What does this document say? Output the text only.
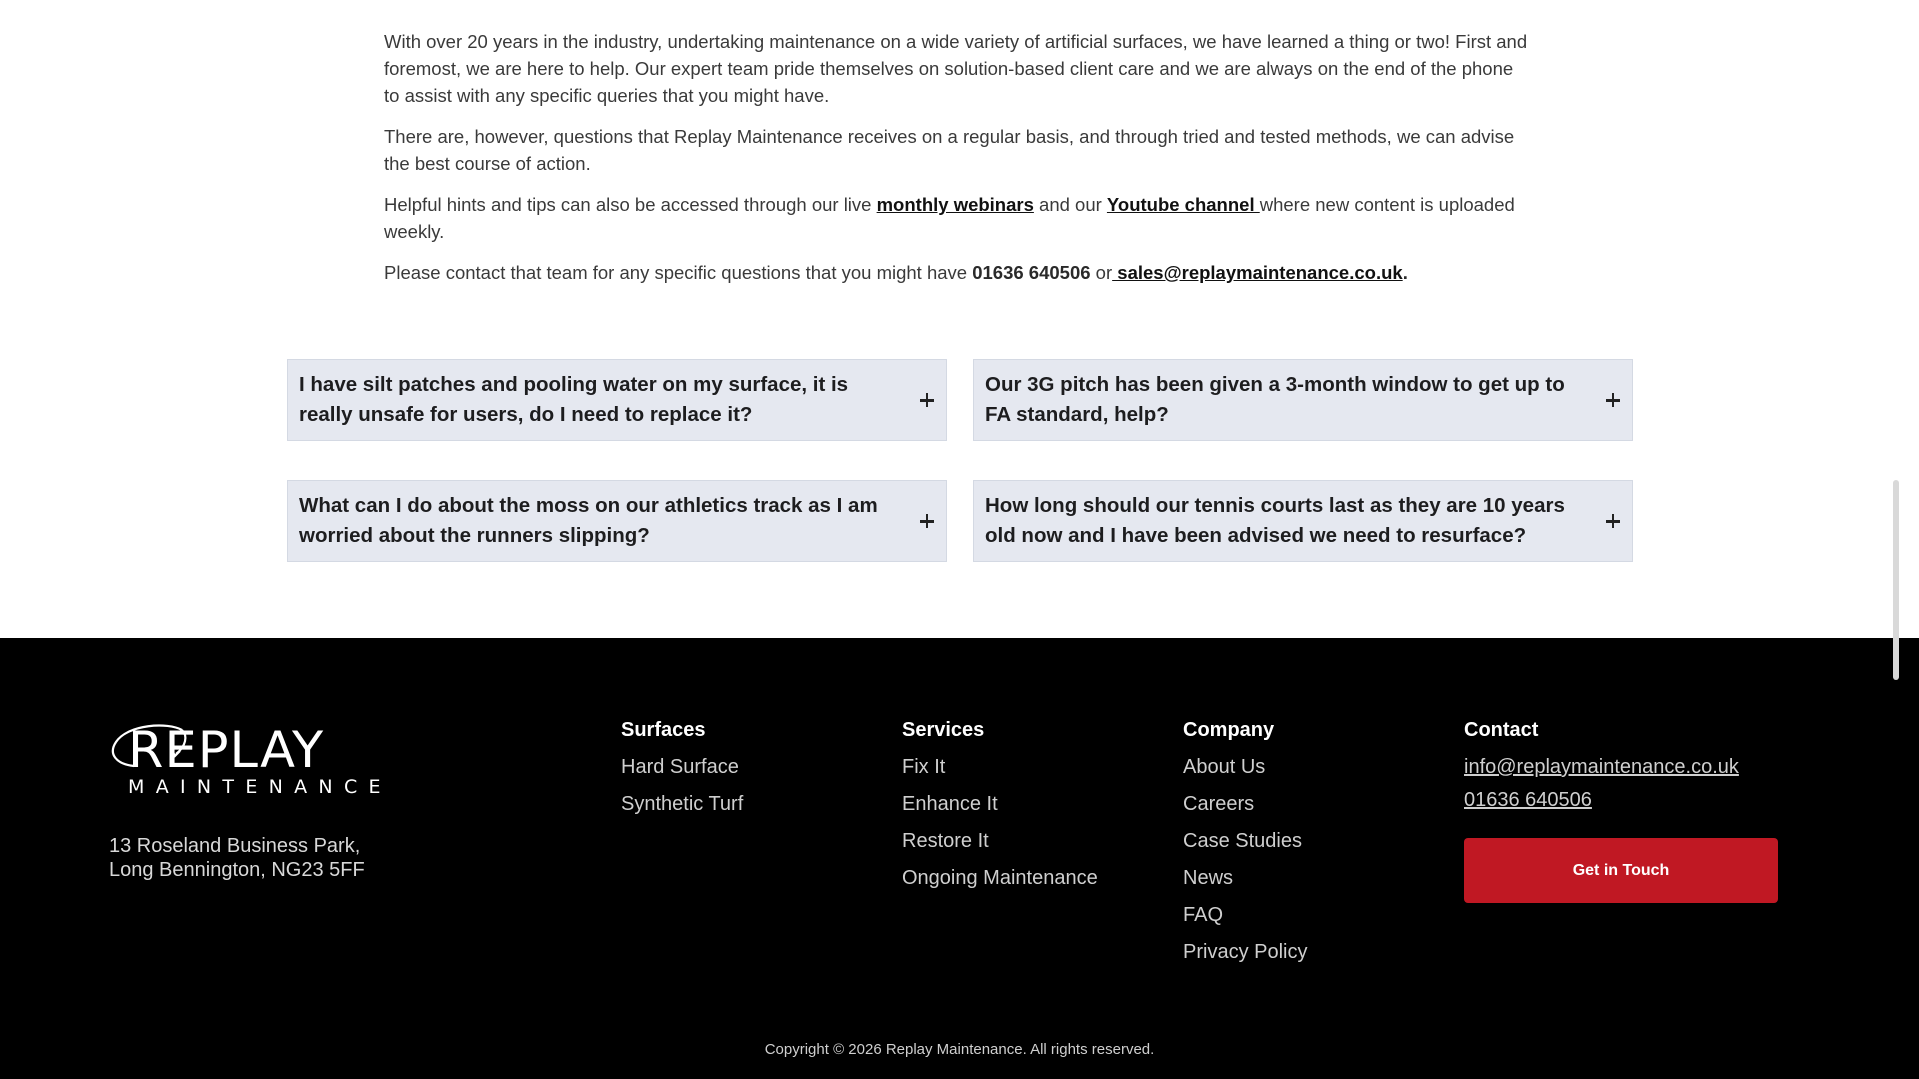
With over 20 years in the industry, undertaking maintenance on a wide variety of artificial surfaces, we have learned a thing or two! First and foremost, we are here to help. Our expert team pride themselves on solution-based client care and we are always on the end of the phone to assist with any specific queries that you might have.

There are, however, questions that Replay Maintenance receives on a regular basis, and through tried and tested methods, we can advise the best course of action.

Helpful hints and tips can also be accessed through our live monthly webinars and our Youtube channel where new content is uploaded weekly.

Please contact that team for any specific questions that you might have 01636 640506 or sales@replaymaintenance.co.uk.

I have silt patches and pooling water on my surface, it is really unsafe for users, do I need to replace it?
Our 3G pitch has been given a 3-month window to get up to FA standard, help?
What can I do about the moss on our athletics track as I am worried about the runners slipping?
How long should our tennis courts last as they are 10 years old now and I have been advised we need to resurface?
REPLAY
MAINTENANCE
13 Roseland Business Park,
Long Bennington, NG23 5FF
Surfaces
Hard Surface
Synthetic Turf
Services
Fix It
Enhance It
Restore It
Ongoing Maintenance
Company
About Us
Careers
Case Studies
News
FAQ
Privacy Policy
Contact
info@replaymaintenance.co.uk
01636 640506
Get in Touch
Copyright © 2026 Replay Maintenance. All rights reserved.
